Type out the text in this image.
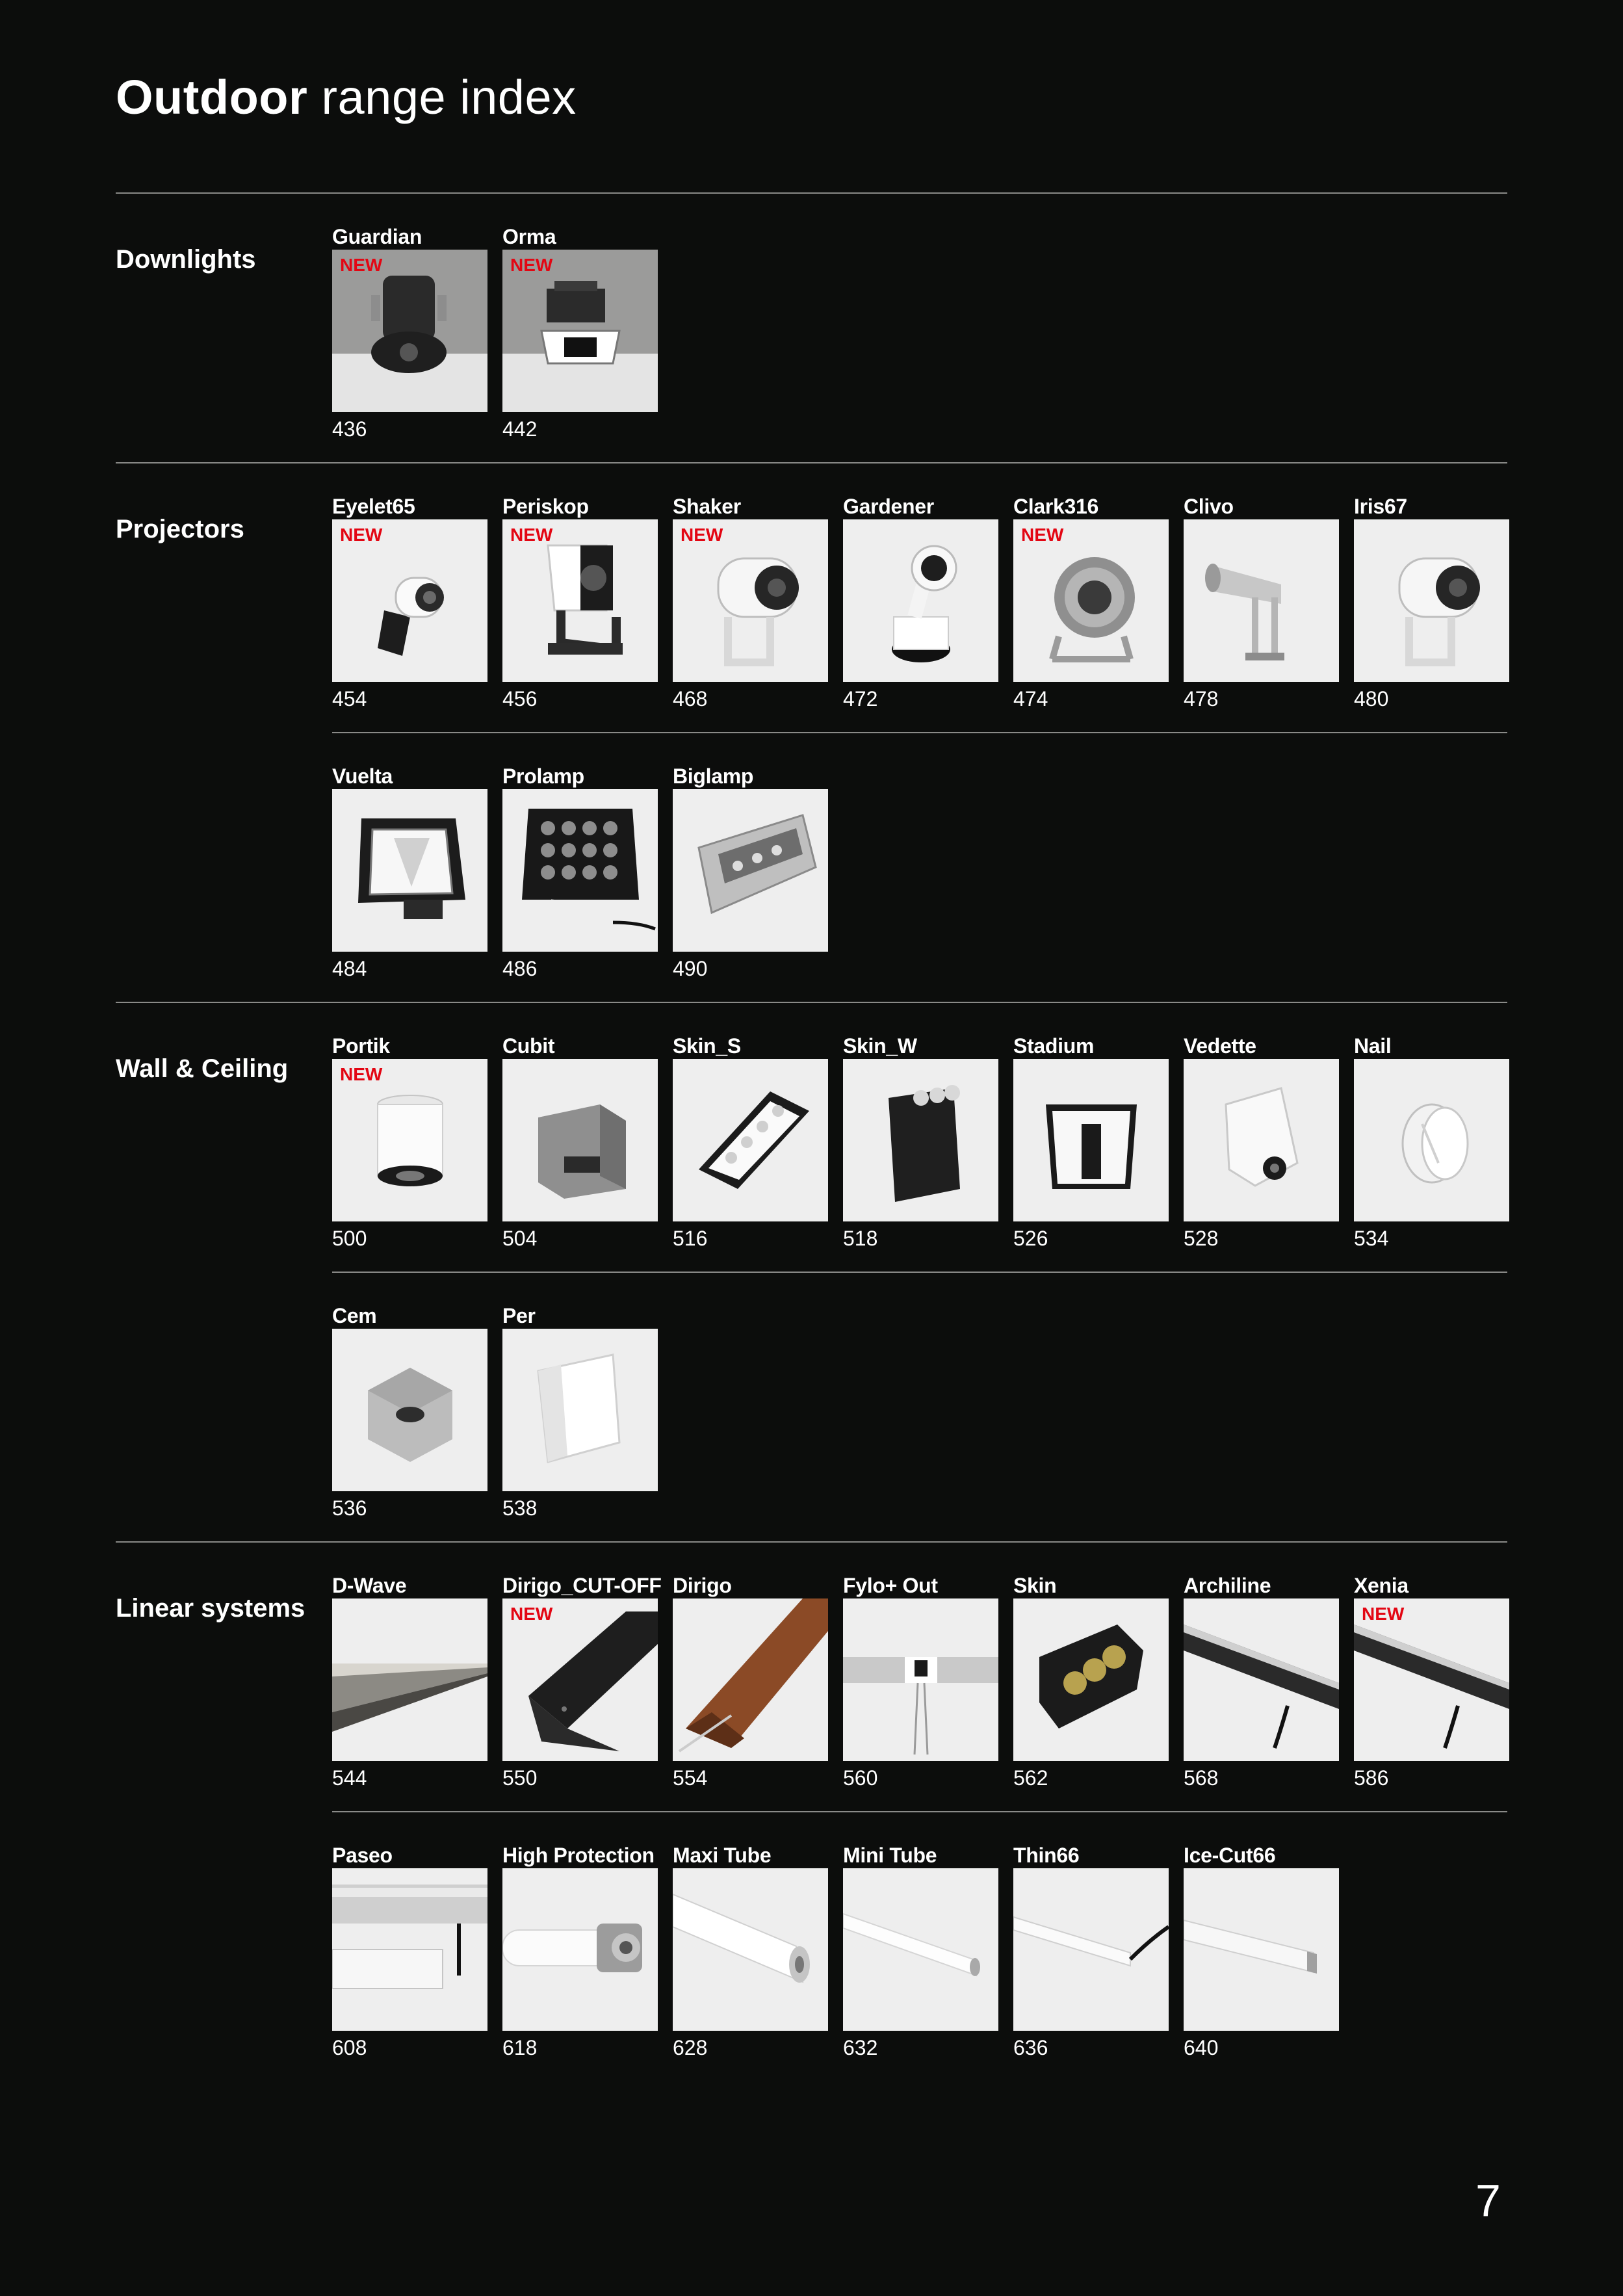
Outdoor range index
Downlights
Guardian
NEW
436
Orma
NEW
442
Projectors
Eyelet65
NEW
454
Periskop
NEW
456
Shaker
NEW
468
Gardener
472
Clark316
NEW
474
Clivo
478
Iris67
480
Vuelta
484
Prolamp
486
Biglamp
490
Wall & Ceiling
Portik
NEW
500
Cubit
504
Skin_S
516
Skin_W
518
Stadium
526
Vedette
528
Nail
534
Cem
536
Per
538
Linear systems
D-Wave
544
Dirigo_CUT-OFF
NEW
550
Dirigo
554
Fylo+ Out
560
Skin
562
Archiline
568
Xenia
NEW
586
Paseo
608
High Protection
618
Maxi Tube
628
Mini Tube
632
Thin66
636
Ice-Cut66
640
7
